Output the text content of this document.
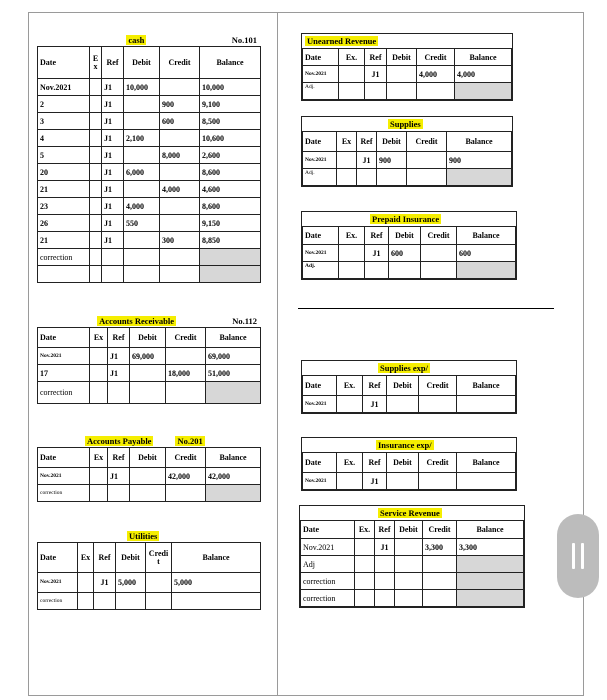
cash	No.101
Date	E x	Ref	Debit	Credit	Balance
Nov.2021		J1	10,000		10,000
2		J1		900	9,100
3		J1		600	8,500
4		J1	2,100		10,600
5		J1		8,000	2,600
20		J1	6,000		8,600
21		J1		4,000	4,600
23		J1	4,000		8,600
26		J1	550		9,150
21		J1		300	8,850
correction					

Accounts Receivable	No.112
Date	Ex	Ref	Debit	Credit	Balance
Nov.2021		J1	69,000		69,000
17		J1		18,000	51,000
correction					
Accounts Payable	No.201
Date	Ex	Ref	Debit	Credit	Balance
Nov.2021		J1		42,000	42,000
correction					
Utilities
Date	Ex	Ref	Debit	Credi t	Balance
Nov.2021		J1	5,000		5,000
correction					
Unearned Revenue
Date	Ex.	Ref	Debit	Credit	Balance
Nov.2021		J1		4,000	4,000
Adj.					
Supplies
Date	Ex	Ref	Debit	Credit	Balance
Nov.2021		J1	900		900
Adj.					
Prepaid Insurance
Date	Ex.	Ref	Debit	Credit	Balance
Nov.2021		J1	600		600
Adj.					
Supplies exp/
Date	Ex.	Ref	Debit	Credit	Balance
Nov.2021		J1			
Insurance exp/
Date	Ex.	Ref	Debit	Credit	Balance
Nov.2021		J1			
Service Revenue
Date	Ex.	Ref	Debit	Credit	Balance
Nov.2021		J1		3,300	3,300
Adj					
correction					
correction					
